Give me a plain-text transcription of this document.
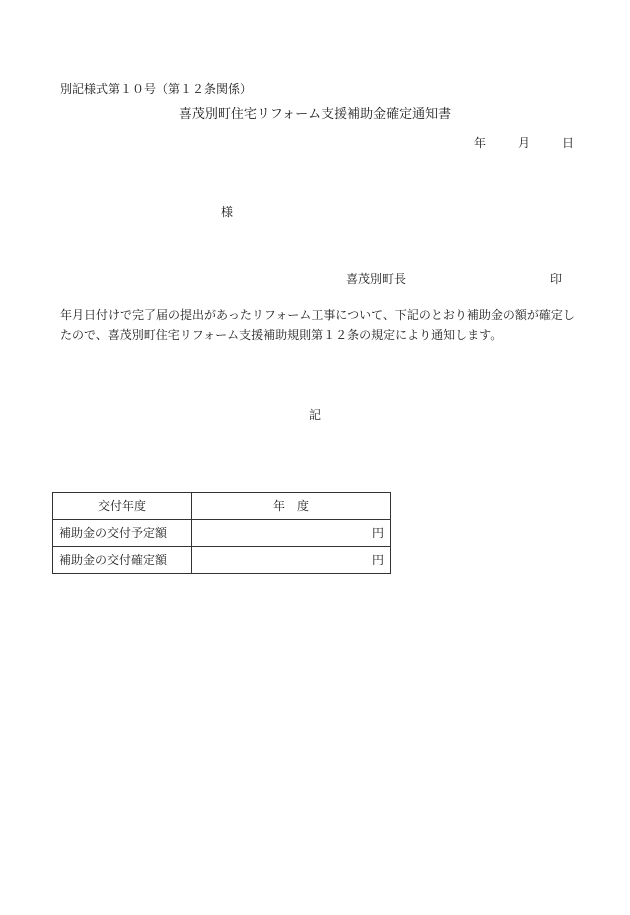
別記様式第１０号（第１２条関係）
喜茂別町住宅リフォーム支援補助金確定通知書
年	月	日
様
喜茂別町長	印

年月日付けで完了届の提出があったリフォーム工事について、下記のとおり補助金の額が確定したので、喜茂別町住宅リフォーム支援補助規則第１２条の規定により通知します。

記
交付年度	年　度
補助金の交付予定額	円
補助金の交付確定額	円
